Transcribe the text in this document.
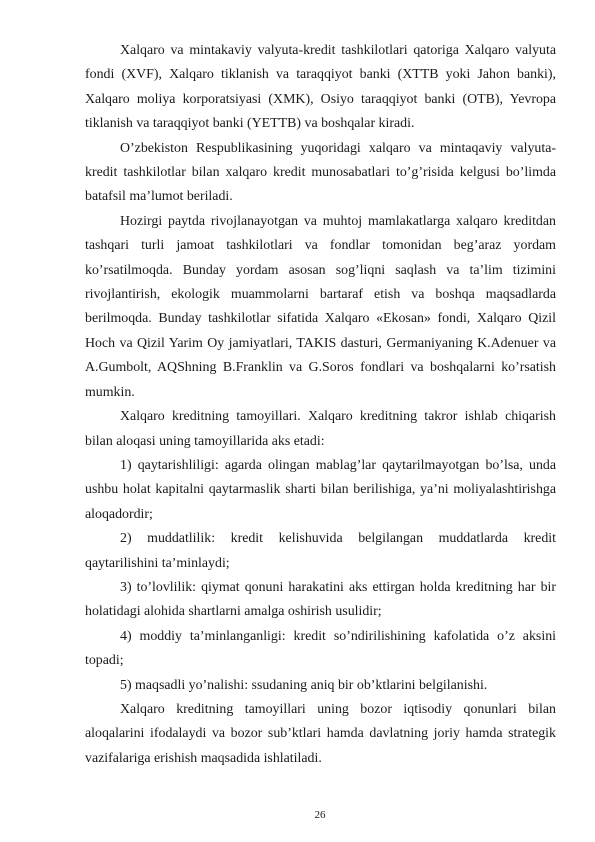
Xalqaro va mintakaviy valyuta-kredit tashkilotlari qatoriga Xalqaro valyuta fondi (XVF), Xalqaro tiklanish va taraqqiyot banki (XTTB yoki Jahon banki), Xalqaro moliya korporatsiyasi (XMK), Osiyo taraqqiyot banki (OTB), Yevropa tiklanish va taraqqiyot banki (YETTB) va boshqalar kiradi.

O’zbekiston Respublikasining yuqoridagi xalqaro va mintaqaviy valyuta-kredit tashkilotlar bilan xalqaro kredit munosabatlari to’g’risida kelgusi bo’limda batafsil ma’lumot beriladi.

Hozirgi paytda rivojlanayotgan va muhtoj mamlakatlarga xalqaro kreditdan tashqari turli jamoat tashkilotlari va fondlar tomonidan beg’araz yordam ko’rsatilmoqda. Bunday yordam asosan sog’liqni saqlash va ta’lim tizimini rivojlantirish, ekologik muammolarni bartaraf etish va boshqa maqsadlarda berilmoqda. Bunday tashkilotlar sifatida Xalqaro «Ekosan» fondi, Xalqaro Qizil Hoch va Qizil Yarim Oy jamiyatlari, TAKIS dasturi, Germaniyaning K.Adenuer va A.Gumbolt, AQShning B.Franklin va G.Soros fondlari va boshqalarni ko’rsatish mumkin.

Xalqaro kreditning tamoyillari. Xalqaro kreditning takror ishlab chiqarish bilan aloqasi uning tamoyillarida aks etadi:

1) qaytarishliligi: agarda olingan mablag’lar qaytarilmayotgan bo’lsa, unda ushbu holat kapitalni qaytarmaslik sharti bilan berilishiga, ya’ni moliyalashtirishga aloqadordir;

2) muddatlilik: kredit kelishuvida belgilangan muddatlarda kredit qaytarilishini ta’minlaydi;

3) to’lovlilik: qiymat qonuni harakatini aks ettirgan holda kreditning har bir holatidagi alohida shartlarni amalga oshirish usulidir;

4) moddiy ta’minlanganligi: kredit so’ndirilishining kafolatida o’z aksini topadi;

5) maqsadli yo’nalishi: ssudaning aniq bir ob’ktlarini belgilanishi.

Xalqaro kreditning tamoyillari uning bozor iqtisodiy qonunlari bilan aloqalarini ifodalaydi va bozor sub’ktlari hamda davlatning joriy hamda strategik vazifalariga erishish maqsadida ishlatiladi.

26
